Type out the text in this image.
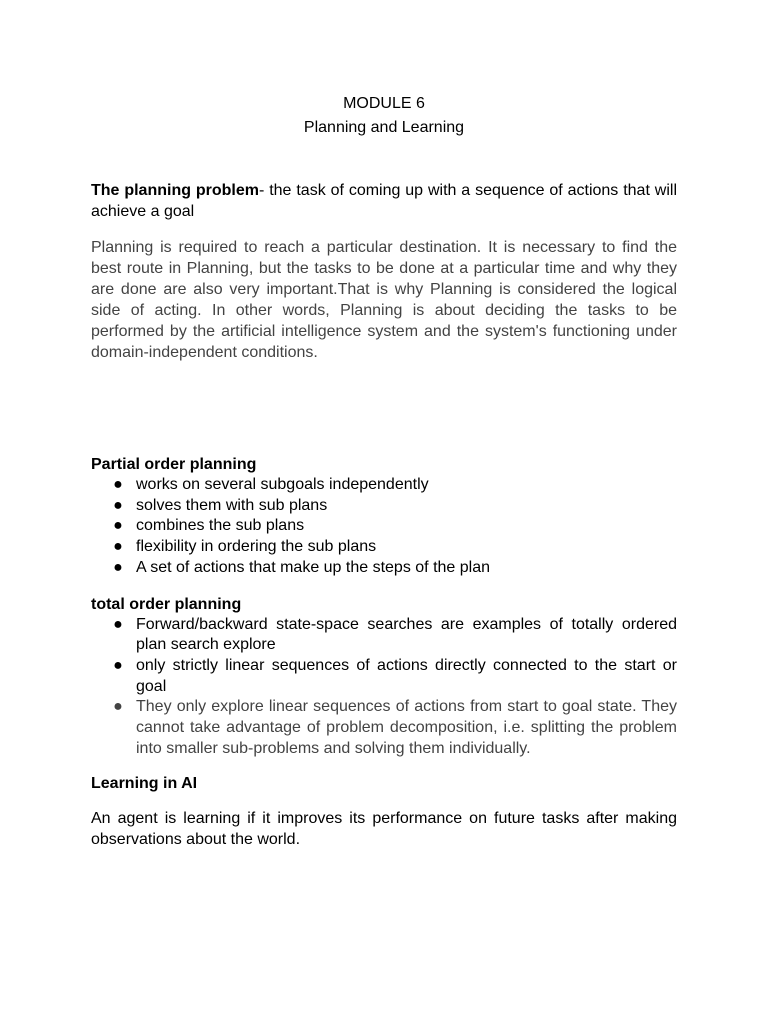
MODULE 6
Planning and Learning

The planning problem- the task of coming up with a sequence of actions that will achieve a goal

Planning is required to reach a particular destination. It is necessary to find the best route in Planning, but the tasks to be done at a particular time and why they are done are also very important.That is why Planning is considered the logical side of acting. In other words, Planning is about deciding the tasks to be performed by the artificial intelligence system and the system's functioning under domain-independent conditions.

Partial order planning

● works on several subgoals independently
● solves them with sub plans
● combines the sub plans
● flexibility in ordering the sub plans
● A set of actions that make up the steps of the plan

total order planning

● Forward/backward state-space searches are examples of totally ordered plan search explore
● only strictly linear sequences of actions directly connected to the start or goal
● They only explore linear sequences of actions from start to goal state. They cannot take advantage of problem decomposition, i.e. splitting the problem into smaller sub-problems and solving them individually.

Learning in AI

An agent is learning if it improves its performance on future tasks after making observations about the world.
